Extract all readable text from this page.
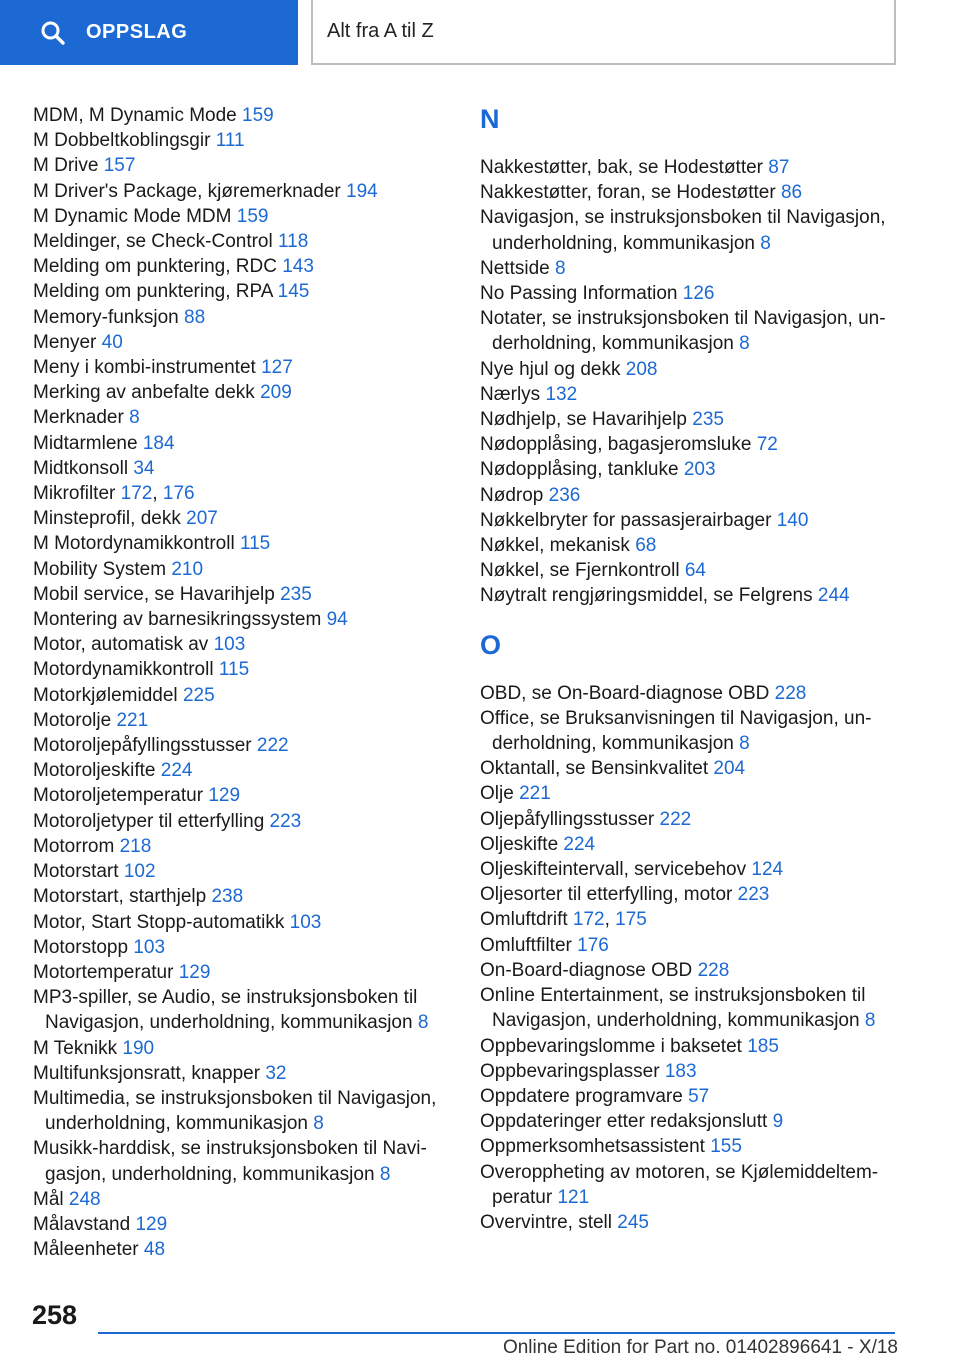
OPPSLAG	Alt fra A til Z
MDM, M Dynamic Mode 159
M Dobbeltkoblingsgir 111
M Drive 157
M Driver's Package, kjøremerknader 194
M Dynamic Mode MDM 159
Meldinger, se Check-Control 118
Melding om punktering, RDC 143
Melding om punktering, RPA 145
Memory-funksjon 88
Menyer 40
Meny i kombi-instrumentet 127
Merking av anbefalte dekk 209
Merknader 8
Midtarmlene 184
Midtkonsoll 34
Mikrofilter 172, 176
Minsteprofil, dekk 207
M Motordynamikkontroll 115
Mobility System 210
Mobil service, se Havarihjelp 235
Montering av barnesikringssystem 94
Motor, automatisk av 103
Motordynamikkontroll 115
Motorkjølemiddel 225
Motorolje 221
Motoroljepåfyllingsstusser 222
Motoroljeskifte 224
Motoroljetemperatur 129
Motoroljetyper til etterfylling 223
Motorrom 218
Motorstart 102
Motorstart, starthjelp 238
Motor, Start Stopp-automatikk 103
Motorstopp 103
Motortemperatur 129
MP3-spiller, se Audio, se instruksjonsboken til Navigasjon, underholdning, kommunikasjon 8
M Teknikk 190
Multifunksjonsratt, knapper 32
Multimedia, se instruksjonsboken til Navigasjon, underholdning, kommunikasjon 8
Musikk-harddisk, se instruksjonsboken til Navi-gasjon, underholdning, kommunikasjon 8
Mål 248
Målavstand 129
Måleenheter 48
N
Nakkestøtter, bak, se Hodestøtter 87
Nakkestøtter, foran, se Hodestøtter 86
Navigasjon, se instruksjonsboken til Navigasjon, underholdning, kommunikasjon 8
Nettside 8
No Passing Information 126
Notater, se instruksjonsboken til Navigasjon, un-derholdning, kommunikasjon 8
Nye hjul og dekk 208
Nærlys 132
Nødhjelp, se Havarihjelp 235
Nødopplåsing, bagasjeromsluke 72
Nødopplåsing, tankluke 203
Nødrop 236
Nøkkelbryter for passasjerairbager 140
Nøkkel, mekanisk 68
Nøkkel, se Fjernkontroll 64
Nøytralt rengjøringsmiddel, se Felgrens 244
O
OBD, se On-Board-diagnose OBD 228
Office, se Bruksanvisningen til Navigasjon, un-derholdning, kommunikasjon 8
Oktantall, se Bensinkvalitet 204
Olje 221
Oljepåfyllingsstusser 222
Oljeskifte 224
Oljeskifteintervall, servicebehov 124
Oljesorter til etterfylling, motor 223
Omluftdrift 172, 175
Omluftfilter 176
On-Board-diagnose OBD 228
Online Entertainment, se instruksjonsboken til Navigasjon, underholdning, kommunikasjon 8
Oppbevaringslomme i baksetet 185
Oppbevaringsplasser 183
Oppdatere programvare 57
Oppdateringer etter redaksjonslutt 9
Oppmerksomhetsassistent 155
Overoppheting av motoren, se Kjølemiddeltem-peratur 121
Overvintre, stell 245
258
Online Edition for Part no. 01402896641 - X/18
